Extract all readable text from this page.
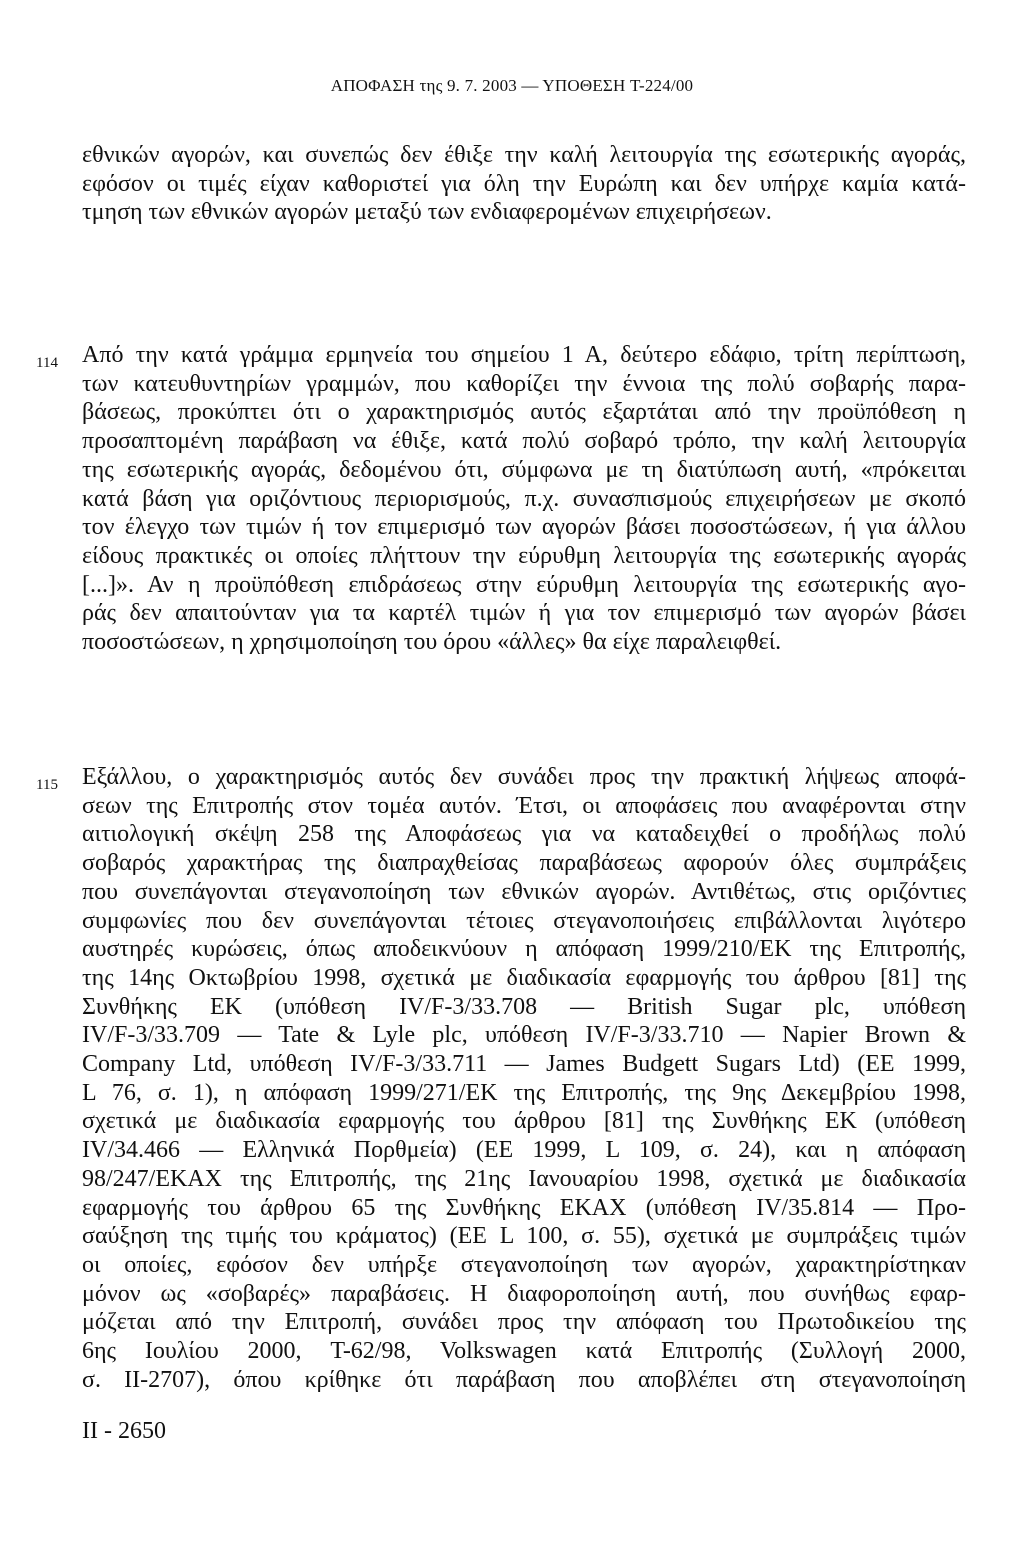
ΑΠΟΦΑΣΗ της 9. 7. 2003 — ΥΠΟΘΕΣΗ T-224/00
εθνικών αγορών, και συνεπώς δεν έθιξε την καλή λειτουργία της εσωτερικής αγοράς,
εφόσον οι τιμές είχαν καθοριστεί για όλη την Ευρώπη και δεν υπήρχε καμία κατά-
τμηση των εθνικών αγορών μεταξύ των ενδιαφερομένων επιχειρήσεων.
114 Από την κατά γράμμα ερμηνεία του σημείου 1 Α, δεύτερο εδάφιο, τρίτη περίπτωση,
των κατευθυντηρίων γραμμών, που καθορίζει την έννοια της πολύ σοβαρής παρα-
βάσεως, προκύπτει ότι ο χαρακτηρισμός αυτός εξαρτάται από την προϋπόθεση η
προσαπτομένη παράβαση να έθιξε, κατά πολύ σοβαρό τρόπο, την καλή λειτουργία
της εσωτερικής αγοράς, δεδομένου ότι, σύμφωνα με τη διατύπωση αυτή, «πρόκειται
κατά βάση για οριζόντιους περιορισμούς, π.χ. συνασπισμούς επιχειρήσεων με σκοπό
τον έλεγχο των τιμών ή τον επιμερισμό των αγορών βάσει ποσοστώσεων, ή για άλλου
είδους πρακτικές οι οποίες πλήττουν την εύρυθμη λειτουργία της εσωτερικής αγοράς
[...]». Αν η προϋπόθεση επιδράσεως στην εύρυθμη λειτουργία της εσωτερικής αγο-
ράς δεν απαιτούνταν για τα καρτέλ τιμών ή για τον επιμερισμό των αγορών βάσει
ποσοστώσεων, η χρησιμοποίηση του όρου «άλλες» θα είχε παραλειφθεί.
115 Εξάλλου, ο χαρακτηρισμός αυτός δεν συνάδει προς την πρακτική λήψεως αποφά-
σεων της Επιτροπής στον τομέα αυτόν. Έτσι, οι αποφάσεις που αναφέρονται στην
αιτιολογική σκέψη 258 της Αποφάσεως για να καταδειχθεί ο προδήλως πολύ
σοβαρός χαρακτήρας της διαπραχθείσας παραβάσεως αφορούν όλες συμπράξεις
που συνεπάγονται στεγανοποίηση των εθνικών αγορών. Αντιθέτως, στις οριζόντιες
συμφωνίες που δεν συνεπάγονται τέτοιες στεγανοποιήσεις επιβάλλονται λιγότερο
αυστηρές κυρώσεις, όπως αποδεικνύουν η απόφαση 1999/210/ΕΚ της Επιτροπής,
της 14ης Οκτωβρίου 1998, σχετικά με διαδικασία εφαρμογής του άρθρου [81] της
Συνθήκης ΕΚ (υπόθεση IV/F-3/33.708 — British Sugar plc, υπόθεση
IV/F-3/33.709 — Tate & Lyle plc, υπόθεση IV/F-3/33.710 — Napier Brown &
Company Ltd, υπόθεση IV/F-3/33.711 — James Budgett Sugars Ltd) (ΕΕ 1999,
L 76, σ. 1), η απόφαση 1999/271/ΕΚ της Επιτροπής, της 9ης Δεκεμβρίου 1998,
σχετικά με διαδικασία εφαρμογής του άρθρου [81] της Συνθήκης ΕΚ (υπόθεση
IV/34.466 — Ελληνικά Πορθμεία) (ΕΕ 1999, L 109, σ. 24), και η απόφαση
98/247/ΕΚΑΧ της Επιτροπής, της 21ης Ιανουαρίου 1998, σχετικά με διαδικασία
εφαρμογής του άρθρου 65 της Συνθήκης ΕΚΑΧ (υπόθεση IV/35.814 — Προ-
σαύξηση της τιμής του κράματος) (ΕΕ L 100, σ. 55), σχετικά με συμπράξεις τιμών
οι οποίες, εφόσον δεν υπήρξε στεγανοποίηση των αγορών, χαρακτηρίστηκαν
μόνον ως «σοβαρές» παραβάσεις. Η διαφοροποίηση αυτή, που συνήθως εφαρ-
μόζεται από την Επιτροπή, συνάδει προς την απόφαση του Πρωτοδικείου της
6ης Ιουλίου 2000, T-62/98, Volkswagen κατά Επιτροπής (Συλλογή 2000,
σ. II-2707), όπου κρίθηκε ότι παράβαση που αποβλέπει στη στεγανοποίηση
II - 2650
